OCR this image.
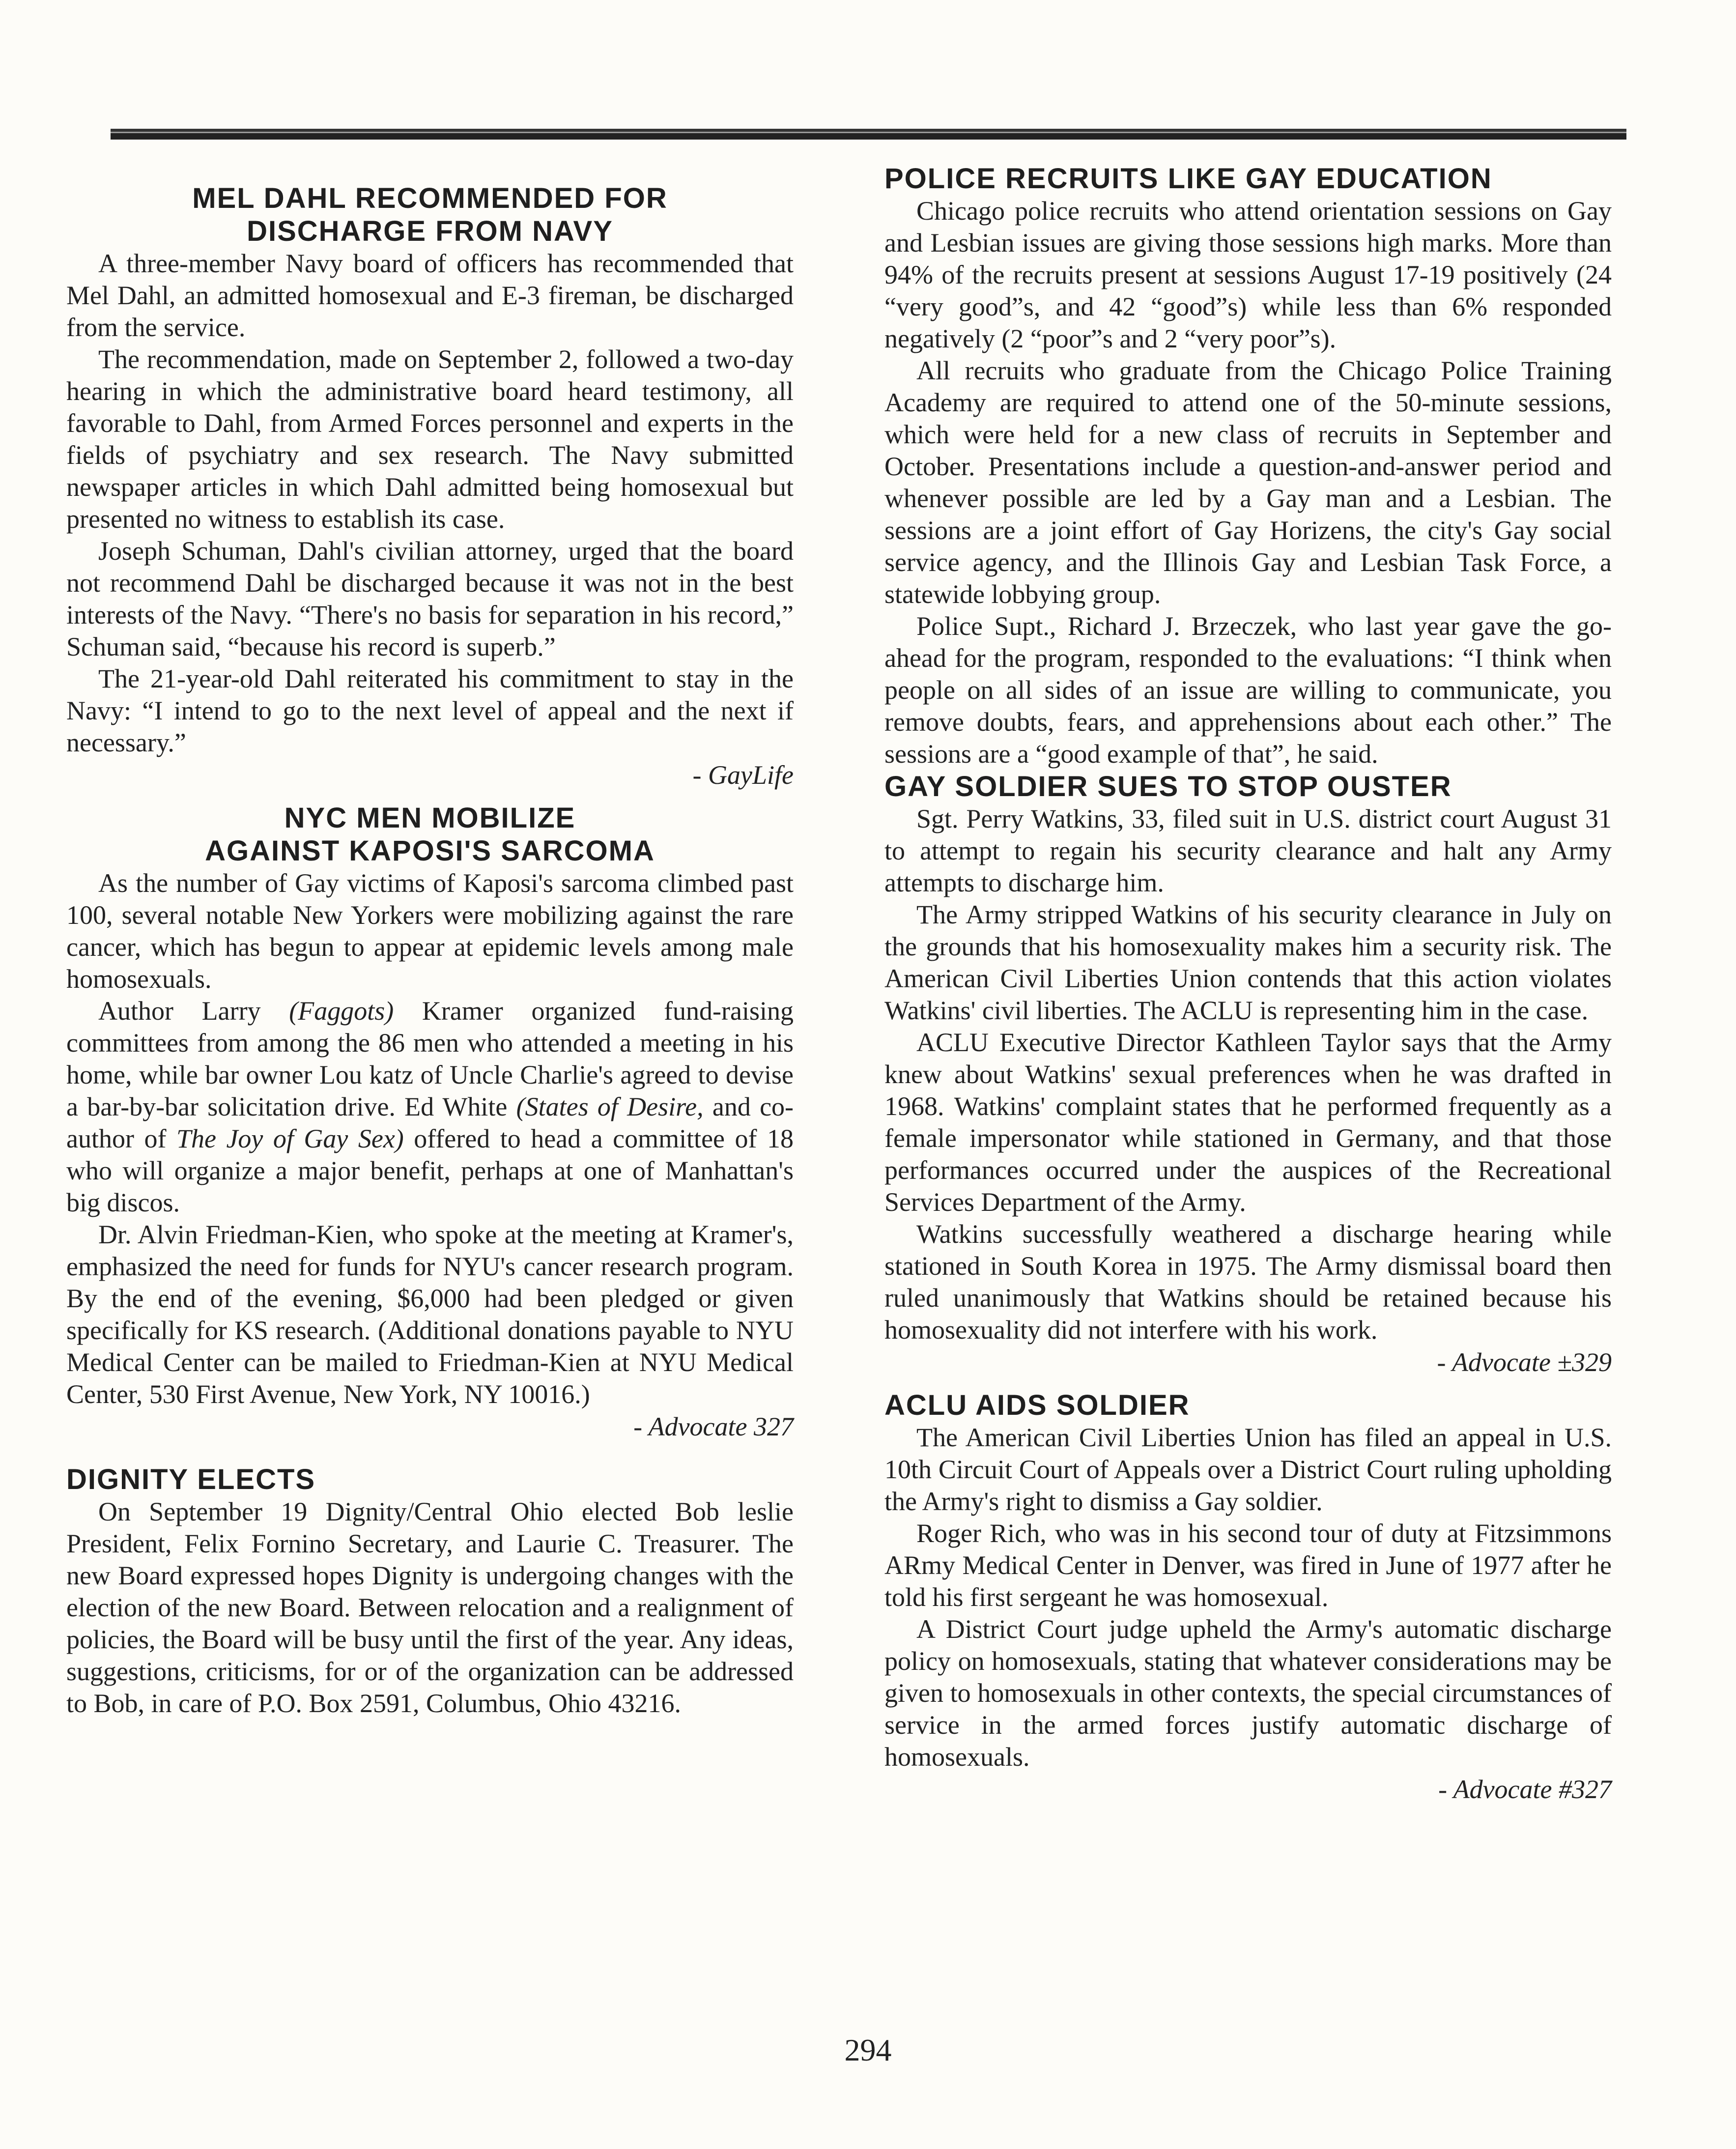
MEL DAHL RECOMMENDED FOR
DISCHARGE FROM NAVY

A three-member Navy board of officers has recommended that Mel Dahl, an admitted homosexual and E-3 fireman, be discharged from the service.

The recommendation, made on September 2, followed a two-day hearing in which the administrative board heard testimony, all favorable to Dahl, from Armed Forces personnel and experts in the fields of psychiatry and sex research. The Navy submitted newspaper articles in which Dahl admitted being homosexual but presented no witness to establish its case.

Joseph Schuman, Dahl's civilian attorney, urged that the board not recommend Dahl be discharged because it was not in the best interests of the Navy. “There's no basis for separation in his record,” Schuman said, “because his record is superb.”

The 21-year-old Dahl reiterated his commitment to stay in the Navy: “I intend to go to the next level of appeal and the next if necessary.”

- GayLife
NYC MEN MOBILIZE
AGAINST KAPOSI'S SARCOMA

As the number of Gay victims of Kaposi's sarcoma climbed past 100, several notable New Yorkers were mobilizing against the rare cancer, which has begun to appear at epidemic levels among male homosexuals.

Author Larry (Faggots) Kramer organized fund-raising committees from among the 86 men who attended a meeting in his home, while bar owner Lou katz of Uncle Charlie's agreed to devise a bar-by-bar solicitation drive. Ed White (States of Desire, and co-author of The Joy of Gay Sex) offered to head a committee of 18 who will organize a major benefit, perhaps at one of Manhattan's big discos.

Dr. Alvin Friedman-Kien, who spoke at the meeting at Kramer's, emphasized the need for funds for NYU's cancer research program. By the end of the evening, $6,000 had been pledged or given specifically for KS research. (Additional donations payable to NYU Medical Center can be mailed to Friedman-Kien at NYU Medical Center, 530 First Avenue, New York, NY 10016.)

- Advocate 327
DIGNITY ELECTS

On September 19 Dignity/Central Ohio elected Bob leslie President, Felix Fornino Secretary, and Laurie C. Treasurer. The new Board expressed hopes Dignity is undergoing changes with the election of the new Board. Between relocation and a realignment of policies, the Board will be busy until the first of the year. Any ideas, suggestions, criticisms, for or of the organization can be addressed to Bob, in care of P.O. Box 2591, Columbus, Ohio 43216.

POLICE RECRUITS LIKE GAY EDUCATION

Chicago police recruits who attend orientation sessions on Gay and Lesbian issues are giving those sessions high marks. More than 94% of the recruits present at sessions August 17-19 positively (24 “very good”s, and 42 “good”s) while less than 6% responded negatively (2 “poor”s and 2 “very poor”s).

All recruits who graduate from the Chicago Police Training Academy are required to attend one of the 50-minute sessions, which were held for a new class of recruits in September and October. Presentations include a question-and-answer period and whenever possible are led by a Gay man and a Lesbian. The sessions are a joint effort of Gay Horizens, the city's Gay social service agency, and the Illinois Gay and Lesbian Task Force, a statewide lobbying group.

Police Supt., Richard J. Brzeczek, who last year gave the go-ahead for the program, responded to the evaluations: “I think when people on all sides of an issue are willing to communicate, you remove doubts, fears, and apprehensions about each other.” The sessions are a “good example of that”, he said.

GAY SOLDIER SUES TO STOP OUSTER

Sgt. Perry Watkins, 33, filed suit in U.S. district court August 31 to attempt to regain his security clearance and halt any Army attempts to discharge him.

The Army stripped Watkins of his security clearance in July on the grounds that his homosexuality makes him a security risk. The American Civil Liberties Union contends that this action violates Watkins' civil liberties. The ACLU is representing him in the case.

ACLU Executive Director Kathleen Taylor says that the Army knew about Watkins' sexual preferences when he was drafted in 1968. Watkins' complaint states that he performed frequently as a female impersonator while stationed in Germany, and that those performances occurred under the auspices of the Recreational Services Department of the Army.

Watkins successfully weathered a discharge hearing while stationed in South Korea in 1975. The Army dismissal board then ruled unanimously that Watkins should be retained because his homosexuality did not interfere with his work.

- Advocate ±329
ACLU AIDS SOLDIER

The American Civil Liberties Union has filed an appeal in U.S. 10th Circuit Court of Appeals over a District Court ruling upholding the Army's right to dismiss a Gay soldier.

Roger Rich, who was in his second tour of duty at Fitzsimmons ARmy Medical Center in Denver, was fired in June of 1977 after he told his first sergeant he was homosexual.

A District Court judge upheld the Army's automatic discharge policy on homosexuals, stating that whatever considerations may be given to homosexuals in other contexts, the special circumstances of service in the armed forces justify automatic discharge of homosexuals.

- Advocate #327
294
